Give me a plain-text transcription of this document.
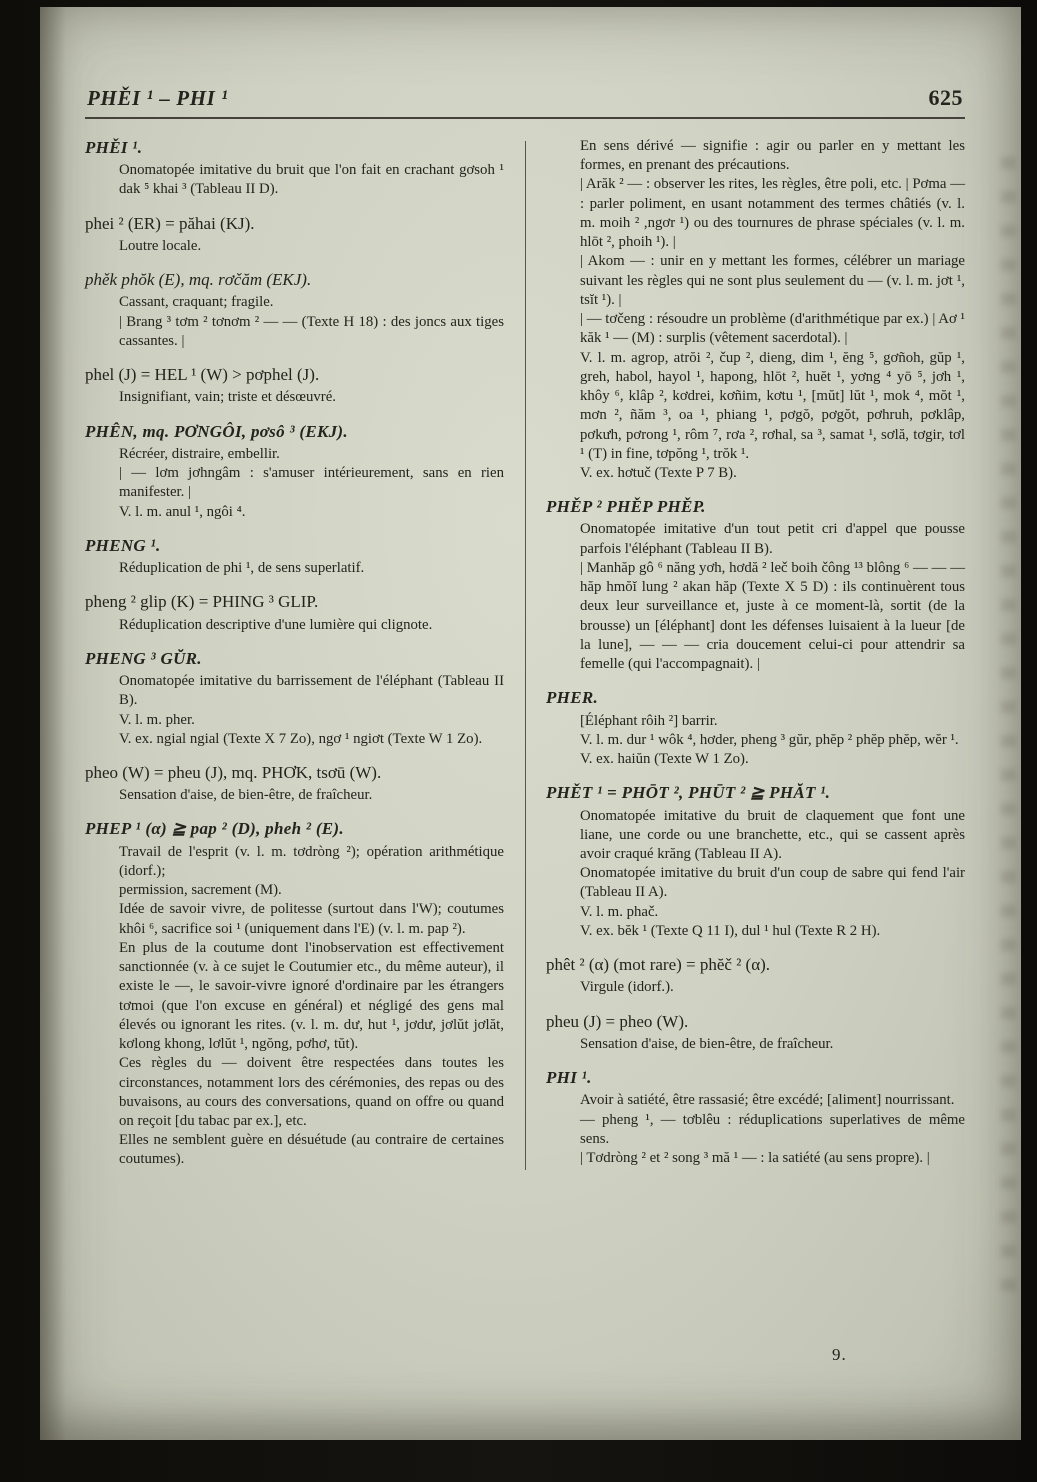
PHĚI ¹ – PHI ¹	625
PHĚI ¹.

Onomatopée imitative du bruit que l'on fait en crachant gơsoh ¹ dak ⁵ khai ³ (Tableau II D).

phei ² (ER) = păhai (KJ).

Loutre locale.

phěk phŏk (E), mq. rơčăm (EKJ).

Cassant, craquant; fragile.

| Brang ³ tơm ² tơnơm ² — — (Texte H 18) : des joncs aux tiges cassantes. |

phel (J) = HEL ¹ (W) > pơphel (J).

Insignifiant, vain; triste et désœuvré.

PHÊN, mq. PƠNGÔI, pơsô ³ (EKJ).

Récréer, distraire, embellir.

| — lơm jơhngâm : s'amuser intérieurement, sans en rien manifester. |

V. l. m. anul ¹, ngôi ⁴.

PHENG ¹.

Réduplication de phi ¹, de sens superlatif.

pheng ² glip (K) = PHING ³ GLIP.

Réduplication descriptive d'une lumière qui clignote.

PHENG ³ GŬR.

Onomatopée imitative du barrissement de l'éléphant (Tableau II B).

V. l. m. pher.

V. ex. ngial ngial (Texte X 7 Zo), ngơ ¹ ngiơt (Texte W 1 Zo).

pheo (W) = pheu (J), mq. PHƠK, tsơū (W).

Sensation d'aise, de bien-être, de fraîcheur.

PHEP ¹ (α) ≧ pap ² (D), pheh ² (E).

Travail de l'esprit (v. l. m. tơdròng ²); opération arithmétique (idorf.);

permission, sacrement (M).

Idée de savoir vivre, de politesse (surtout dans l'W); coutumes khôi ⁶, sacrifice soi ¹ (uniquement dans l'E) (v. l. m. pap ²).

En plus de la coutume dont l'inobservation est effectivement sanctionnée (v. à ce sujet le Coutumier etc., du même auteur), il existe le —, le savoir-vivre ignoré d'ordinaire par les étrangers tơmoi (que l'on excuse en général) et négligé des gens mal élevés ou ignorant les rites. (v. l. m. dư, hut ¹, jơdư, jơlŭt jơlăt, kơlong khong, lơlŭt ¹, ngŏng, pơhơ, tŭt).

Ces règles du — doivent être respectées dans toutes les circonstances, notamment lors des cérémonies, des repas ou des buvaisons, au cours des conversations, quand on offre ou quand on reçoit [du tabac par ex.], etc.

Elles ne semblent guère en désuétude (au contraire de certaines coutumes).

En sens dérivé — signifie : agir ou parler en y mettant les formes, en prenant des précautions.

| Arăk ² — : observer les rites, les règles, être poli, etc. | Pơma — : parler poliment, en usant notamment des termes châtiés (v. l. m. moih ² ,ngơr ¹) ou des tournures de phrase spéciales (v. l. m. hlōt ², phoih ¹). |

| Akom — : unir en y mettant les formes, célébrer un mariage suivant les règles qui ne sont plus seulement du — (v. l. m. jơt ¹, tsĭt ¹). |

| — tơčeng : résoudre un problème (d'arithmétique par ex.) | Aơ ¹ kăk ¹ — (M) : surplis (vêtement sacerdotal). |

V. l. m. agrop, atrŏi ², čup ², dieng, dim ¹, ĕng ⁵, gơñoh, gŭp ¹, greh, habol, hayol ¹, hapong, hlōt ², huĕt ¹, yơng ⁴ yō ⁵, jơh ¹, khôy ⁶, klâp ², kơdrei, kơñim, kơtu ¹, [mŭt] lŭt ¹, mok ⁴, mŏt ¹, mơn ², ñăm ³, oa ¹, phiang ¹, pơgŏ, pơgŏt, pơhruh, pơklâp, pơkưh, pơrong ¹, rôm ⁷, rơa ², rơhal, sa ³, samat ¹, sơlă, tơgir, tơl ¹ (T) in fine, tơpŏng ¹, trŏk ¹.

V. ex. hơtuč (Texte P 7 B).

PHĚP ² PHĚP PHĚP.

Onomatopée imitative d'un tout petit cri d'appel que pousse parfois l'éléphant (Tableau II B).

| Manhăp gô ⁶ năng yơh, hơdă ² leč boih čông ¹³ blông ⁶ — — — hăp hmŏĭ lung ² akan hăp (Texte X 5 D) : ils continuèrent tous deux leur surveillance et, juste à ce moment-là, sortit (de la brousse) un [éléphant] dont les défenses luisaient à la lueur [de la lune], — — — cria doucement celui-ci pour attendrir sa femelle (qui l'accompagnait). |

PHER.

[Éléphant rôih ²] barrir.

V. l. m. dur ¹ wôk ⁴, hơder, pheng ³ gŭr, phĕp ² phĕp phĕp, wĕr ¹.

V. ex. haiŭn (Texte W 1 Zo).

PHĚT ¹ = PHŌT ², PHŪT ² ≧ PHĂT ¹.

Onomatopée imitative du bruit de claquement que font une liane, une corde ou une branchette, etc., qui se cassent après avoir craqué krăng (Tableau II A).

Onomatopée imitative du bruit d'un coup de sabre qui fend l'air (Tableau II A).

V. l. m. phač.

V. ex. bĕk ¹ (Texte Q 11 I), dul ¹ hul (Texte R 2 H).

phêt ² (α) (mot rare) = phĕč ² (α).

Virgule (idorf.).

pheu (J) = pheo (W).

Sensation d'aise, de bien-être, de fraîcheur.

PHI ¹.

Avoir à satiété, être rassasié; être excédé; [aliment] nourrissant.

— pheng ¹, — tơblêu : réduplications superlatives de même sens.

| Tơdròng ² et ² song ³ mă ¹ — : la satiété (au sens propre). |

9.
